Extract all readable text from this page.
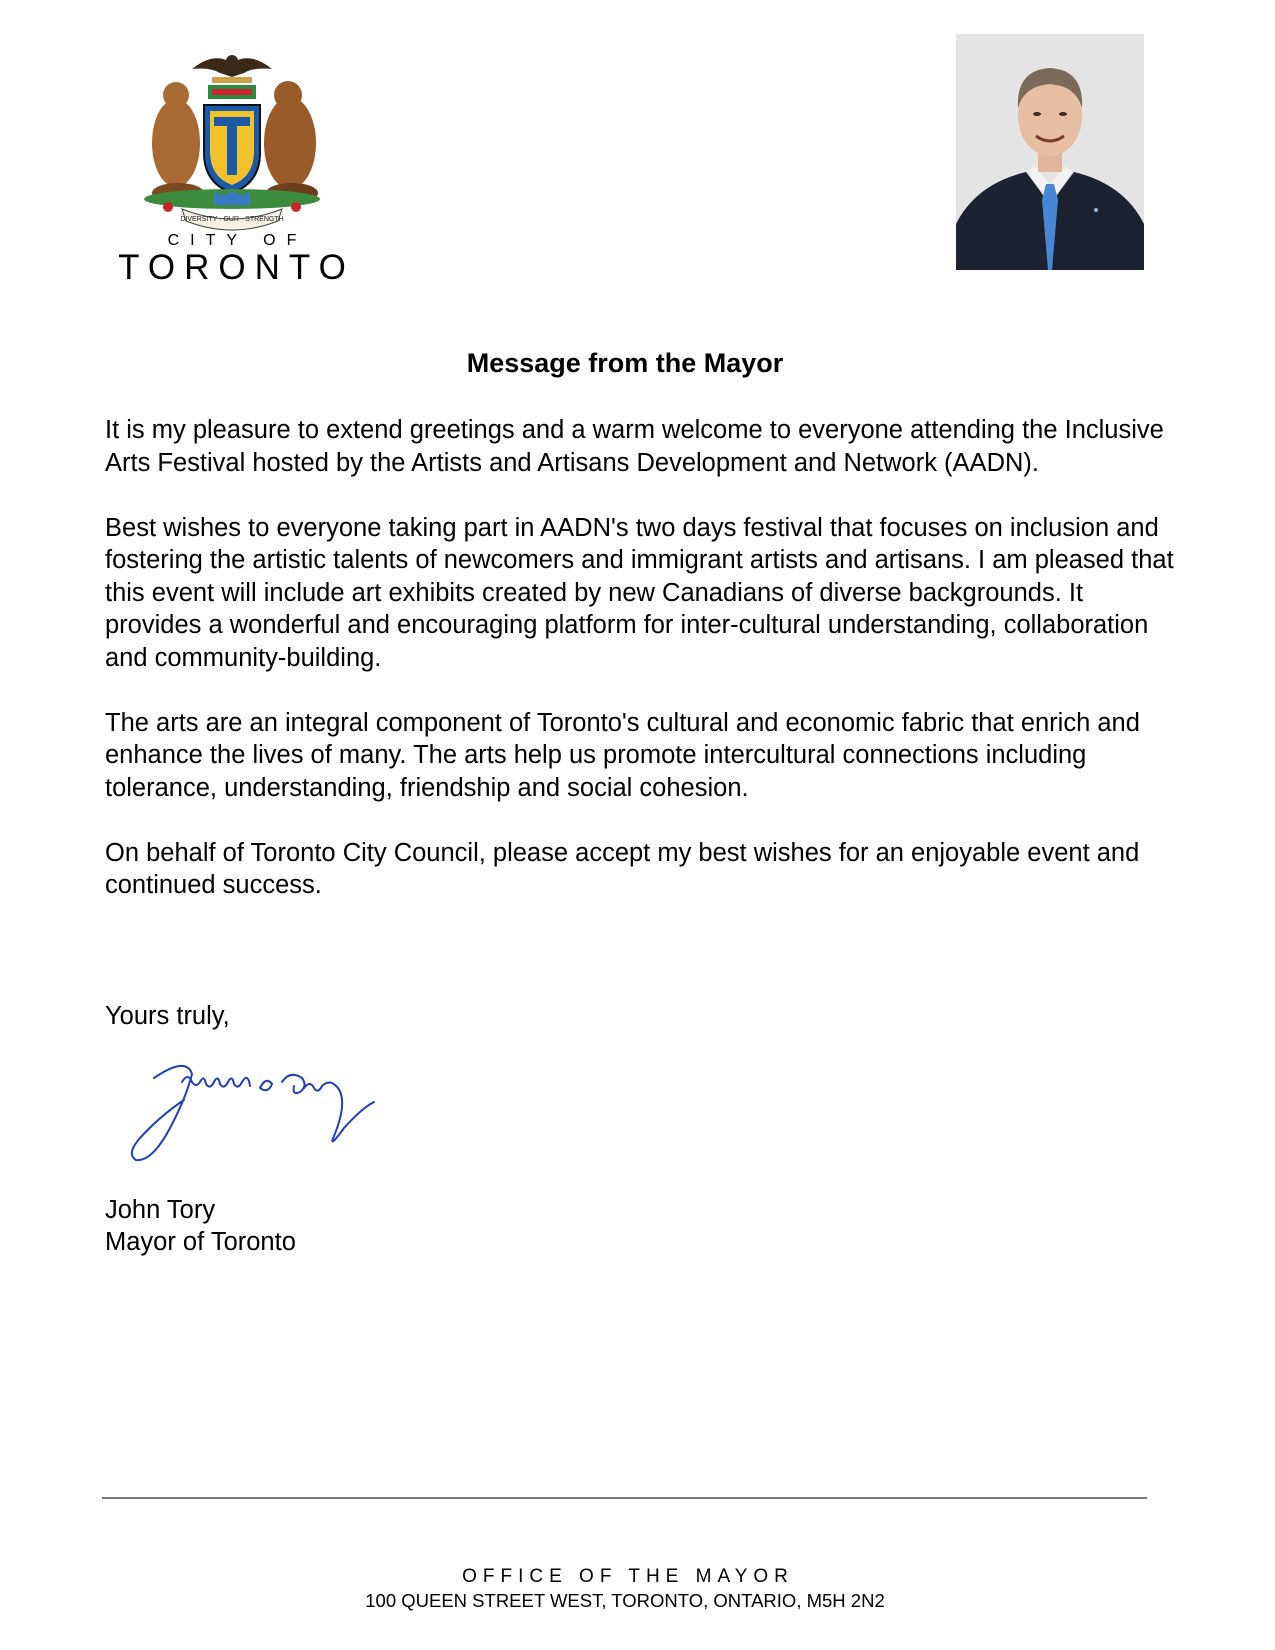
DIVERSITY · OUR · STRENGTH
CITY OF
TORONTO
Message from the Mayor

It is my pleasure to extend greetings and a warm welcome to everyone attending the Inclusive Arts Festival hosted by the Artists and Artisans Development and Network (AADN).

Best wishes to everyone taking part in AADN's two days festival that focuses on inclusion and fostering the artistic talents of newcomers and immigrant artists and artisans. I am pleased that this event will include art exhibits created by new Canadians of diverse backgrounds. It provides a wonderful and encouraging platform for inter-cultural understanding, collaboration and community-building.

The arts are an integral component of Toronto's cultural and economic fabric that enrich and enhance the lives of many. The arts help us promote intercultural connections including tolerance, understanding, friendship and social cohesion.

On behalf of Toronto City Council, please accept my best wishes for an enjoyable event and continued success.

Yours truly,
John Tory
Mayor of Toronto
OFFICE OF THE MAYOR
100 QUEEN STREET WEST, TORONTO, ONTARIO, M5H 2N2
